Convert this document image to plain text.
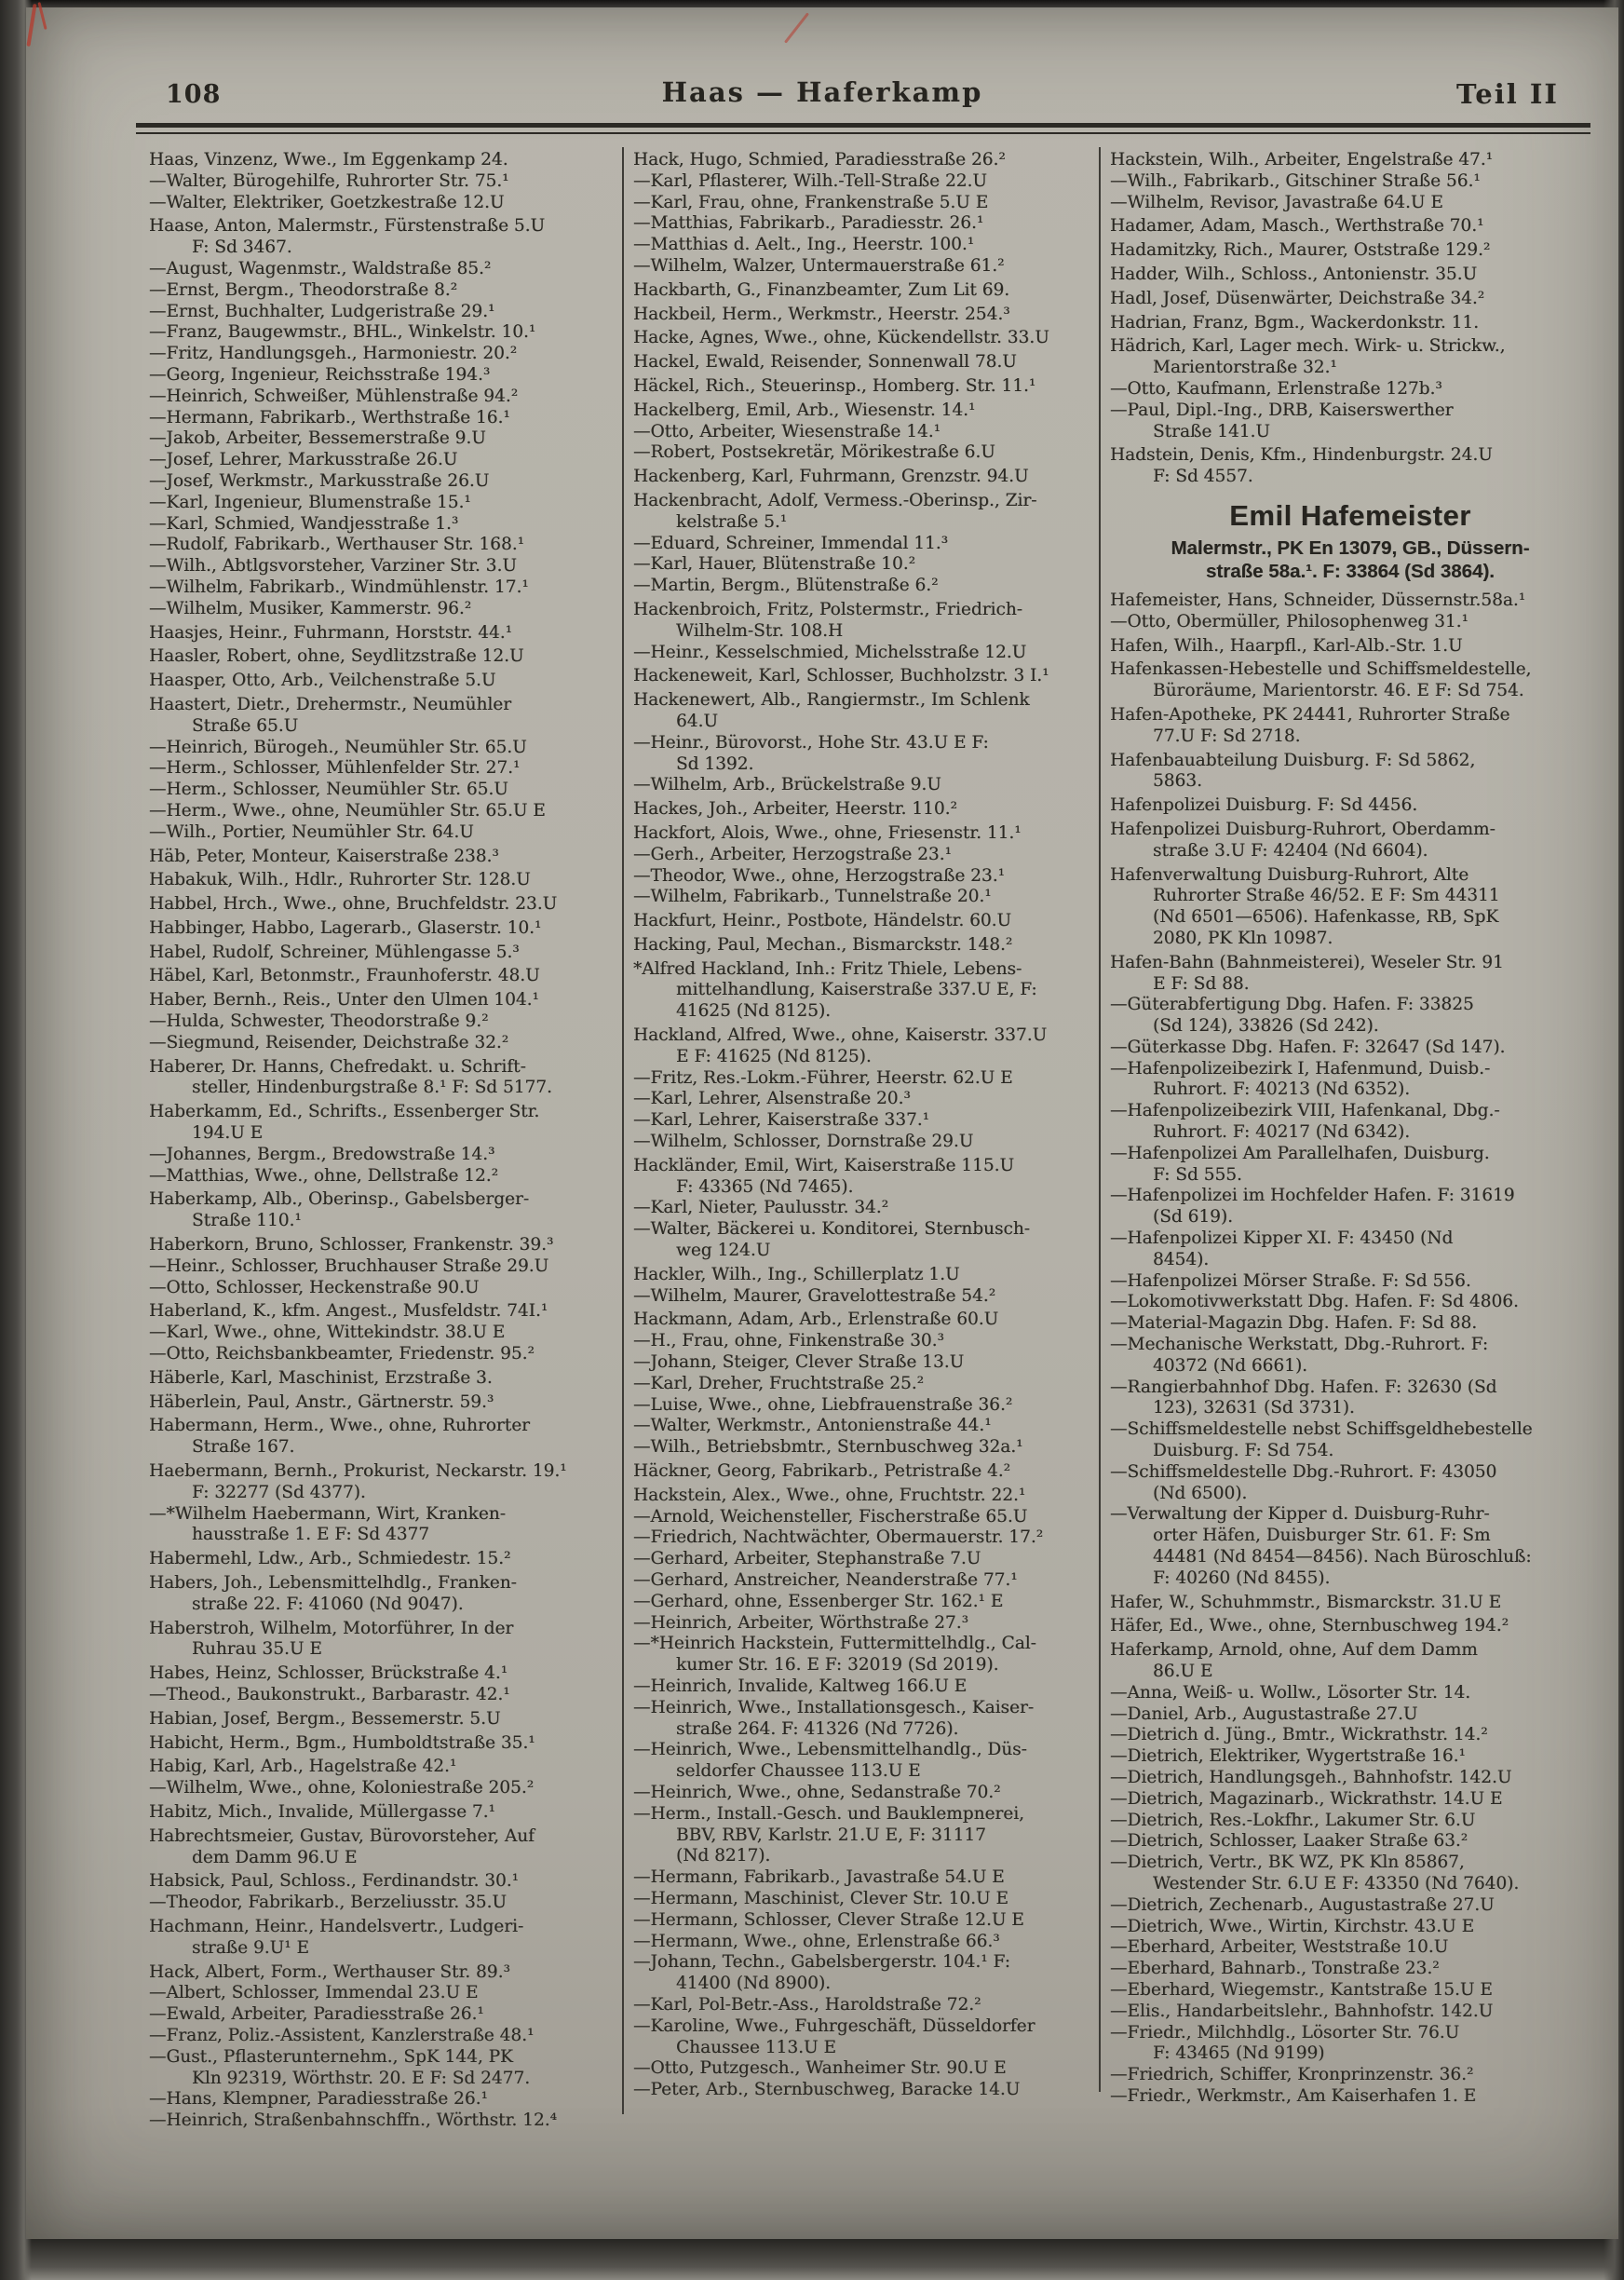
108	Haas — Haferkamp	Teil II
Haas, Vinzenz, Wwe., Im Eggenkamp 24.
—Walter, Bürogehilfe, Ruhrorter Str. 75.¹
—Walter, Elektriker, Goetzkestraße 12.U
Haase, Anton, Malermstr., Fürstenstraße 5.U
F: Sd 3467.
—August, Wagenmstr., Waldstraße 85.²
—Ernst, Bergm., Theodorstraße 8.²
—Ernst, Buchhalter, Ludgeristraße 29.¹
—Franz, Baugewmstr., BHL., Winkelstr. 10.¹
—Fritz, Handlungsgeh., Harmoniestr. 20.²
—Georg, Ingenieur, Reichsstraße 194.³
—Heinrich, Schweißer, Mühlenstraße 94.²
—Hermann, Fabrikarb., Werthstraße 16.¹
—Jakob, Arbeiter, Bessemerstraße 9.U
—Josef, Lehrer, Markusstraße 26.U
—Josef, Werkmstr., Markusstraße 26.U
—Karl, Ingenieur, Blumenstraße 15.¹
—Karl, Schmied, Wandjesstraße 1.³
—Rudolf, Fabrikarb., Werthauser Str. 168.¹
—Wilh., Abtlgsvorsteher, Varziner Str. 3.U
—Wilhelm, Fabrikarb., Windmühlenstr. 17.¹
—Wilhelm, Musiker, Kammerstr. 96.²
Haasjes, Heinr., Fuhrmann, Horststr. 44.¹
Haasler, Robert, ohne, Seydlitzstraße 12.U
Haasper, Otto, Arb., Veilchenstraße 5.U
Haastert, Dietr., Drehermstr., Neumühler
Straße 65.U
—Heinrich, Bürogeh., Neumühler Str. 65.U
—Herm., Schlosser, Mühlenfelder Str. 27.¹
—Herm., Schlosser, Neumühler Str. 65.U
—Herm., Wwe., ohne, Neumühler Str. 65.U E
—Wilh., Portier, Neumühler Str. 64.U
Häb, Peter, Monteur, Kaiserstraße 238.³
Habakuk, Wilh., Hdlr., Ruhrorter Str. 128.U
Habbel, Hrch., Wwe., ohne, Bruchfeldstr. 23.U
Habbinger, Habbo, Lagerarb., Glaserstr. 10.¹
Habel, Rudolf, Schreiner, Mühlengasse 5.³
Häbel, Karl, Betonmstr., Fraunhoferstr. 48.U
Haber, Bernh., Reis., Unter den Ulmen 104.¹
—Hulda, Schwester, Theodorstraße 9.²
—Siegmund, Reisender, Deichstraße 32.²
Haberer, Dr. Hanns, Chefredakt. u. Schrift-
steller, Hindenburgstraße 8.¹ F: Sd 5177.
Haberkamm, Ed., Schrifts., Essenberger Str.
194.U E
—Johannes, Bergm., Bredowstraße 14.³
—Matthias, Wwe., ohne, Dellstraße 12.²
Haberkamp, Alb., Oberinsp., Gabelsberger-
Straße 110.¹
Haberkorn, Bruno, Schlosser, Frankenstr. 39.³
—Heinr., Schlosser, Bruchhauser Straße 29.U
—Otto, Schlosser, Heckenstraße 90.U
Haberland, K., kfm. Angest., Musfeldstr. 74I.¹
—Karl, Wwe., ohne, Wittekindstr. 38.U E
—Otto, Reichsbankbeamter, Friedenstr. 95.²
Häberle, Karl, Maschinist, Erzstraße 3.
Häberlein, Paul, Anstr., Gärtnerstr. 59.³
Habermann, Herm., Wwe., ohne, Ruhrorter
Straße 167.
Haebermann, Bernh., Prokurist, Neckarstr. 19.¹
F: 32277 (Sd 4377).
—*Wilhelm Haebermann, Wirt, Kranken-
hausstraße 1. E F: Sd 4377
Habermehl, Ldw., Arb., Schmiedestr. 15.²
Habers, Joh., Lebensmittelhdlg., Franken-
straße 22. F: 41060 (Nd 9047).
Haberstroh, Wilhelm, Motorführer, In der
Ruhrau 35.U E
Habes, Heinz, Schlosser, Brückstraße 4.¹
—Theod., Baukonstrukt., Barbarastr. 42.¹
Habian, Josef, Bergm., Bessemerstr. 5.U
Habicht, Herm., Bgm., Humboldtstraße 35.¹
Habig, Karl, Arb., Hagelstraße 42.¹
—Wilhelm, Wwe., ohne, Koloniestraße 205.²
Habitz, Mich., Invalide, Müllergasse 7.¹
Habrechtsmeier, Gustav, Bürovorsteher, Auf
dem Damm 96.U E
Habsick, Paul, Schloss., Ferdinandstr. 30.¹
—Theodor, Fabrikarb., Berzeliusstr. 35.U
Hachmann, Heinr., Handelsvertr., Ludgeri-
straße 9.U¹ E
Hack, Albert, Form., Werthauser Str. 89.³
—Albert, Schlosser, Immendal 23.U E
—Ewald, Arbeiter, Paradiesstraße 26.¹
—Franz, Poliz.-Assistent, Kanzlerstraße 48.¹
—Gust., Pflasterunternehm., SpK 144, PK
Kln 92319, Wörthstr. 20. E F: Sd 2477.
—Hans, Klempner, Paradiesstraße 26.¹
—Heinrich, Straßenbahnschffn., Wörthstr. 12.⁴
Hack, Hugo, Schmied, Paradiesstraße 26.²
—Karl, Pflasterer, Wilh.-Tell-Straße 22.U
—Karl, Frau, ohne, Frankenstraße 5.U E
—Matthias, Fabrikarb., Paradiesstr. 26.¹
—Matthias d. Aelt., Ing., Heerstr. 100.¹
—Wilhelm, Walzer, Untermauerstraße 61.²
Hackbarth, G., Finanzbeamter, Zum Lit 69.
Hackbeil, Herm., Werkmstr., Heerstr. 254.³
Hacke, Agnes, Wwe., ohne, Kückendellstr. 33.U
Hackel, Ewald, Reisender, Sonnenwall 78.U
Häckel, Rich., Steuerinsp., Homberg. Str. 11.¹
Hackelberg, Emil, Arb., Wiesenstr. 14.¹
—Otto, Arbeiter, Wiesenstraße 14.¹
—Robert, Postsekretär, Mörikestraße 6.U
Hackenberg, Karl, Fuhrmann, Grenzstr. 94.U
Hackenbracht, Adolf, Vermess.-Oberinsp., Zir-
kelstraße 5.¹
—Eduard, Schreiner, Immendal 11.³
—Karl, Hauer, Blütenstraße 10.²
—Martin, Bergm., Blütenstraße 6.²
Hackenbroich, Fritz, Polstermstr., Friedrich-
Wilhelm-Str. 108.H
—Heinr., Kesselschmied, Michelsstraße 12.U
Hackeneweit, Karl, Schlosser, Buchholzstr. 3 I.¹
Hackenewert, Alb., Rangiermstr., Im Schlenk
64.U
—Heinr., Bürovorst., Hohe Str. 43.U E F:
Sd 1392.
—Wilhelm, Arb., Brückelstraße 9.U
Hackes, Joh., Arbeiter, Heerstr. 110.²
Hackfort, Alois, Wwe., ohne, Friesenstr. 11.¹
—Gerh., Arbeiter, Herzogstraße 23.¹
—Theodor, Wwe., ohne, Herzogstraße 23.¹
—Wilhelm, Fabrikarb., Tunnelstraße 20.¹
Hackfurt, Heinr., Postbote, Händelstr. 60.U
Hacking, Paul, Mechan., Bismarckstr. 148.²
*Alfred Hackland, Inh.: Fritz Thiele, Lebens-
mittelhandlung, Kaiserstraße 337.U E, F:
41625 (Nd 8125).
Hackland, Alfred, Wwe., ohne, Kaiserstr. 337.U
E F: 41625 (Nd 8125).
—Fritz, Res.-Lokm.-Führer, Heerstr. 62.U E
—Karl, Lehrer, Alsenstraße 20.³
—Karl, Lehrer, Kaiserstraße 337.¹
—Wilhelm, Schlosser, Dornstraße 29.U
Hackländer, Emil, Wirt, Kaiserstraße 115.U
F: 43365 (Nd 7465).
—Karl, Nieter, Paulusstr. 34.²
—Walter, Bäckerei u. Konditorei, Sternbusch-
weg 124.U
Hackler, Wilh., Ing., Schillerplatz 1.U
—Wilhelm, Maurer, Gravelottestraße 54.²
Hackmann, Adam, Arb., Erlenstraße 60.U
—H., Frau, ohne, Finkenstraße 30.³
—Johann, Steiger, Clever Straße 13.U
—Karl, Dreher, Fruchtstraße 25.²
—Luise, Wwe., ohne, Liebfrauenstraße 36.²
—Walter, Werkmstr., Antonienstraße 44.¹
—Wilh., Betriebsbmtr., Sternbuschweg 32a.¹
Häckner, Georg, Fabrikarb., Petristraße 4.²
Hackstein, Alex., Wwe., ohne, Fruchtstr. 22.¹
—Arnold, Weichensteller, Fischerstraße 65.U
—Friedrich, Nachtwächter, Obermauerstr. 17.²
—Gerhard, Arbeiter, Stephanstraße 7.U
—Gerhard, Anstreicher, Neanderstraße 77.¹
—Gerhard, ohne, Essenberger Str. 162.¹ E
—Heinrich, Arbeiter, Wörthstraße 27.³
—*Heinrich Hackstein, Futtermittelhdlg., Cal-
kumer Str. 16. E F: 32019 (Sd 2019).
—Heinrich, Invalide, Kaltweg 166.U E
—Heinrich, Wwe., Installationsgesch., Kaiser-
straße 264. F: 41326 (Nd 7726).
—Heinrich, Wwe., Lebensmittelhandlg., Düs-
seldorfer Chaussee 113.U E
—Heinrich, Wwe., ohne, Sedanstraße 70.²
—Herm., Install.-Gesch. und Bauklempnerei,
BBV, RBV, Karlstr. 21.U E, F: 31117
(Nd 8217).
—Hermann, Fabrikarb., Javastraße 54.U E
—Hermann, Maschinist, Clever Str. 10.U E
—Hermann, Schlosser, Clever Straße 12.U E
—Hermann, Wwe., ohne, Erlenstraße 66.³
—Johann, Techn., Gabelsbergerstr. 104.¹ F:
41400 (Nd 8900).
—Karl, Pol-Betr.-Ass., Haroldstraße 72.²
—Karoline, Wwe., Fuhrgeschäft, Düsseldorfer
Chaussee 113.U E
—Otto, Putzgesch., Wanheimer Str. 90.U E
—Peter, Arb., Sternbuschweg, Baracke 14.U
Hackstein, Wilh., Arbeiter, Engelstraße 47.¹
—Wilh., Fabrikarb., Gitschiner Straße 56.¹
—Wilhelm, Revisor, Javastraße 64.U E
Hadamer, Adam, Masch., Werthstraße 70.¹
Hadamitzky, Rich., Maurer, Oststraße 129.²
Hadder, Wilh., Schloss., Antonienstr. 35.U
Hadl, Josef, Düsenwärter, Deichstraße 34.²
Hadrian, Franz, Bgm., Wackerdonkstr. 11.
Hädrich, Karl, Lager mech. Wirk- u. Strickw.,
Marientorstraße 32.¹
—Otto, Kaufmann, Erlenstraße 127b.³
—Paul, Dipl.-Ing., DRB, Kaiserswerther
Straße 141.U
Hadstein, Denis, Kfm., Hindenburgstr. 24.U
F: Sd 4557.
Emil Hafemeister
Malermstr., PK En 13079, GB., Düssern-
straße 58a.¹. F: 33864 (Sd 3864).
Hafemeister, Hans, Schneider, Düssernstr.58a.¹
—Otto, Obermüller, Philosophenweg 31.¹
Hafen, Wilh., Haarpfl., Karl-Alb.-Str. 1.U
Hafenkassen-Hebestelle und Schiffsmeldestelle,
Büroräume, Marientorstr. 46. E F: Sd 754.
Hafen-Apotheke, PK 24441, Ruhrorter Straße
77.U F: Sd 2718.
Hafenbauabteilung Duisburg. F: Sd 5862,
5863.
Hafenpolizei Duisburg. F: Sd 4456.
Hafenpolizei Duisburg-Ruhrort, Oberdamm-
straße 3.U F: 42404 (Nd 6604).
Hafenverwaltung Duisburg-Ruhrort, Alte
Ruhrorter Straße 46/52. E F: Sm 44311
(Nd 6501—6506). Hafenkasse, RB, SpK
2080, PK Kln 10987.
Hafen-Bahn (Bahnmeisterei), Weseler Str. 91
E F: Sd 88.
—Güterabfertigung Dbg. Hafen. F: 33825
(Sd 124), 33826 (Sd 242).
—Güterkasse Dbg. Hafen. F: 32647 (Sd 147).
—Hafenpolizeibezirk I, Hafenmund, Duisb.-
Ruhrort. F: 40213 (Nd 6352).
—Hafenpolizeibezirk VIII, Hafenkanal, Dbg.-
Ruhrort. F: 40217 (Nd 6342).
—Hafenpolizei Am Parallelhafen, Duisburg.
F: Sd 555.
—Hafenpolizei im Hochfelder Hafen. F: 31619
(Sd 619).
—Hafenpolizei Kipper XI. F: 43450 (Nd
8454).
—Hafenpolizei Mörser Straße. F: Sd 556.
—Lokomotivwerkstatt Dbg. Hafen. F: Sd 4806.
—Material-Magazin Dbg. Hafen. F: Sd 88.
—Mechanische Werkstatt, Dbg.-Ruhrort. F:
40372 (Nd 6661).
—Rangierbahnhof Dbg. Hafen. F: 32630 (Sd
123), 32631 (Sd 3731).
—Schiffsmeldestelle nebst Schiffsgeldhebestelle
Duisburg. F: Sd 754.
—Schiffsmeldestelle Dbg.-Ruhrort. F: 43050
(Nd 6500).
—Verwaltung der Kipper d. Duisburg-Ruhr-
orter Häfen, Duisburger Str. 61. F: Sm
44481 (Nd 8454—8456). Nach Büroschluß:
F: 40260 (Nd 8455).
Hafer, W., Schuhmmstr., Bismarckstr. 31.U E
Häfer, Ed., Wwe., ohne, Sternbuschweg 194.²
Haferkamp, Arnold, ohne, Auf dem Damm
86.U E
—Anna, Weiß- u. Wollw., Lösorter Str. 14.
—Daniel, Arb., Augustastraße 27.U
—Dietrich d. Jüng., Bmtr., Wickrathstr. 14.²
—Dietrich, Elektriker, Wygertstraße 16.¹
—Dietrich, Handlungsgeh., Bahnhofstr. 142.U
—Dietrich, Magazinarb., Wickrathstr. 14.U E
—Dietrich, Res.-Lokfhr., Lakumer Str. 6.U
—Dietrich, Schlosser, Laaker Straße 63.²
—Dietrich, Vertr., BK WZ, PK Kln 85867,
Westender Str. 6.U E F: 43350 (Nd 7640).
—Dietrich, Zechenarb., Augustastraße 27.U
—Dietrich, Wwe., Wirtin, Kirchstr. 43.U E
—Eberhard, Arbeiter, Weststraße 10.U
—Eberhard, Bahnarb., Tonstraße 23.²
—Eberhard, Wiegemstr., Kantstraße 15.U E
—Elis., Handarbeitslehr., Bahnhofstr. 142.U
—Friedr., Milchhdlg., Lösorter Str. 76.U
F: 43465 (Nd 9199)
—Friedrich, Schiffer, Kronprinzenstr. 36.²
—Friedr., Werkmstr., Am Kaiserhafen 1. E
